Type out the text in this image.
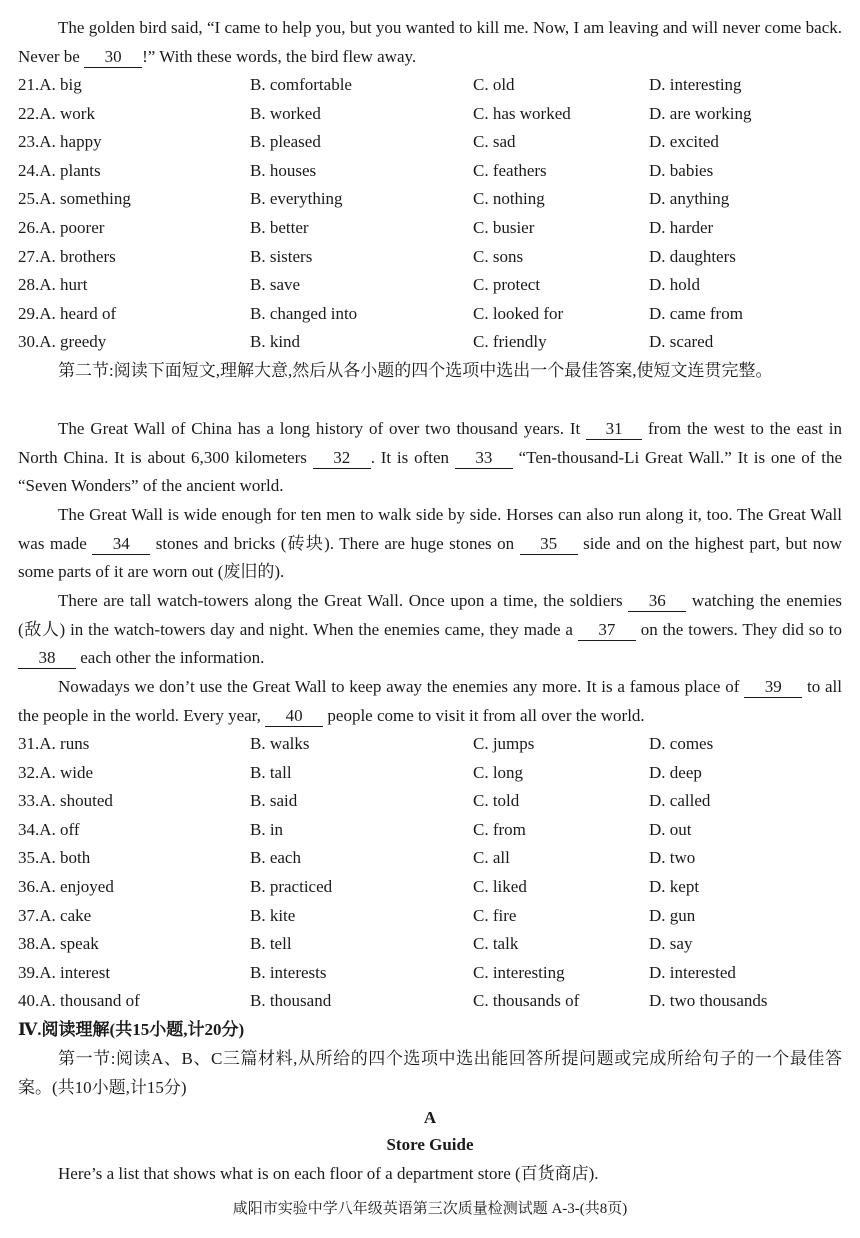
The golden bird said, “I came to help you, but you wanted to kill me. Now, I am leaving and will never come back. Never be 30 !” With these words, the bird flew away.

21.A. big	B. comfortable	C. old	D. interesting
22.A. work	B. worked	C. has worked	D. are working
23.A. happy	B. pleased	C. sad	D. excited
24.A. plants	B. houses	C. feathers	D. babies
25.A. something	B. everything	C. nothing	D. anything
26.A. poorer	B. better	C. busier	D. harder
27.A. brothers	B. sisters	C. sons	D. daughters
28.A. hurt	B. save	C. protect	D. hold
29.A. heard of	B. changed into	C. looked for	D. came from
30.A. greedy	B. kind	C. friendly	D. scared

第二节:阅读下面短文,理解大意,然后从各小题的四个选项中选出一个最佳答案,使短文连贯完整。

The Great Wall of China has a long history of over two thousand years. It 31 from the west to the east in North China. It is about 6,300 kilometers 32 . It is often 33 “Ten-thousand-Li Great Wall.” It is one of the “Seven Wonders” of the ancient world.

The Great Wall is wide enough for ten men to walk side by side. Horses can also run along it, too. The Great Wall was made 34 stones and bricks (砖块). There are huge stones on 35 side and on the highest part, but now some parts of it are worn out (废旧的).

There are tall watch-towers along the Great Wall. Once upon a time, the soldiers 36 watching the enemies (敌人) in the watch-towers day and night. When the enemies came, they made a 37 on the towers. They did so to 38 each other the information.

Nowadays we don’t use the Great Wall to keep away the enemies any more. It is a famous place of 39 to all the people in the world. Every year, 40 people come to visit it from all over the world.

31.A. runs	B. walks	C. jumps	D. comes
32.A. wide	B. tall	C. long	D. deep
33.A. shouted	B. said	C. told	D. called
34.A. off	B. in	C. from	D. out
35.A. both	B. each	C. all	D. two
36.A. enjoyed	B. practiced	C. liked	D. kept
37.A. cake	B. kite	C. fire	D. gun
38.A. speak	B. tell	C. talk	D. say
39.A. interest	B. interests	C. interesting	D. interested
40.A. thousand of	B. thousand	C. thousands of	D. two thousands
Ⅳ.阅读理解(共15小题,计20分)

第一节:阅读A、B、C三篇材料,从所给的四个选项中选出能回答所提问题或完成所给句子的一个最佳答案。(共10小题,计15分)

A
Store Guide

Here’s a list that shows what is on each floor of a department store (百货商店).

咸阳市实验中学八年级英语第三次质量检测试题 A-3-(共8页)
